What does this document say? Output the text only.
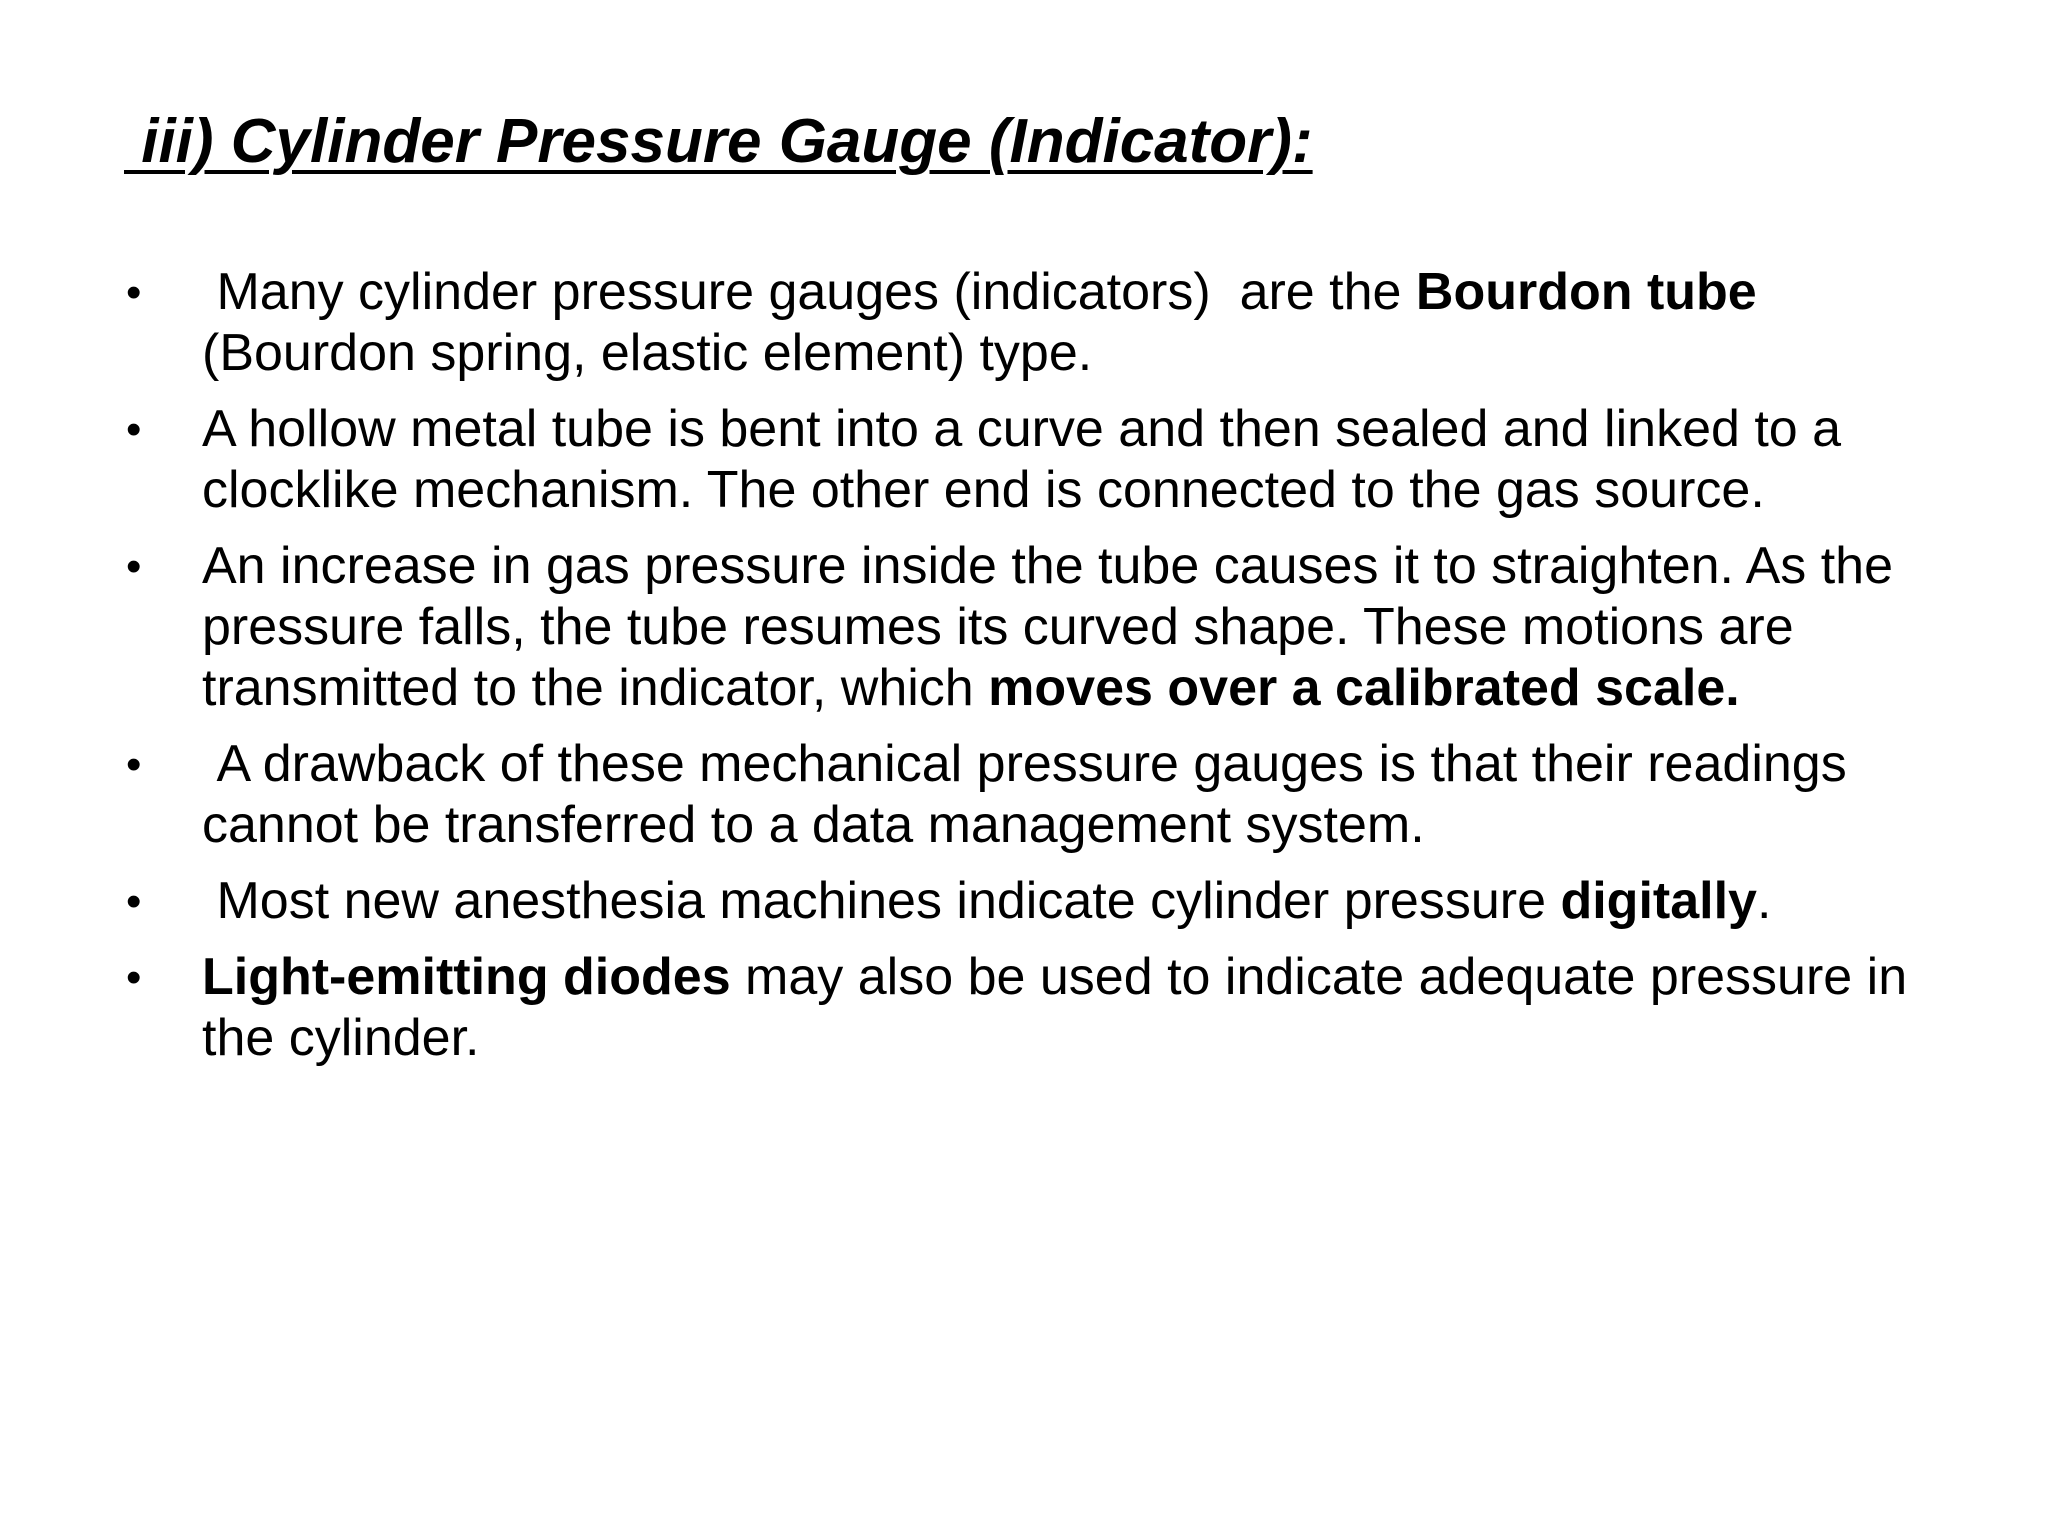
iii) Cylinder Pressure Gauge (Indicator):
• Many cylinder pressure gauges (indicators)  are the Bourdon tube (Bourdon spring, elastic element) type.
• A hollow metal tube is bent into a curve and then sealed and linked to a clocklike mechanism. The other end is connected to the gas source.
• An increase in gas pressure inside the tube causes it to straighten. As the pressure falls, the tube resumes its curved shape. These motions are transmitted to the indicator, which moves over a calibrated scale.
• A drawback of these mechanical pressure gauges is that their readings cannot be transferred to a data management system.
• Most new anesthesia machines indicate cylinder pressure digitally.
• Light-emitting diodes may also be used to indicate adequate pressure in the cylinder.
